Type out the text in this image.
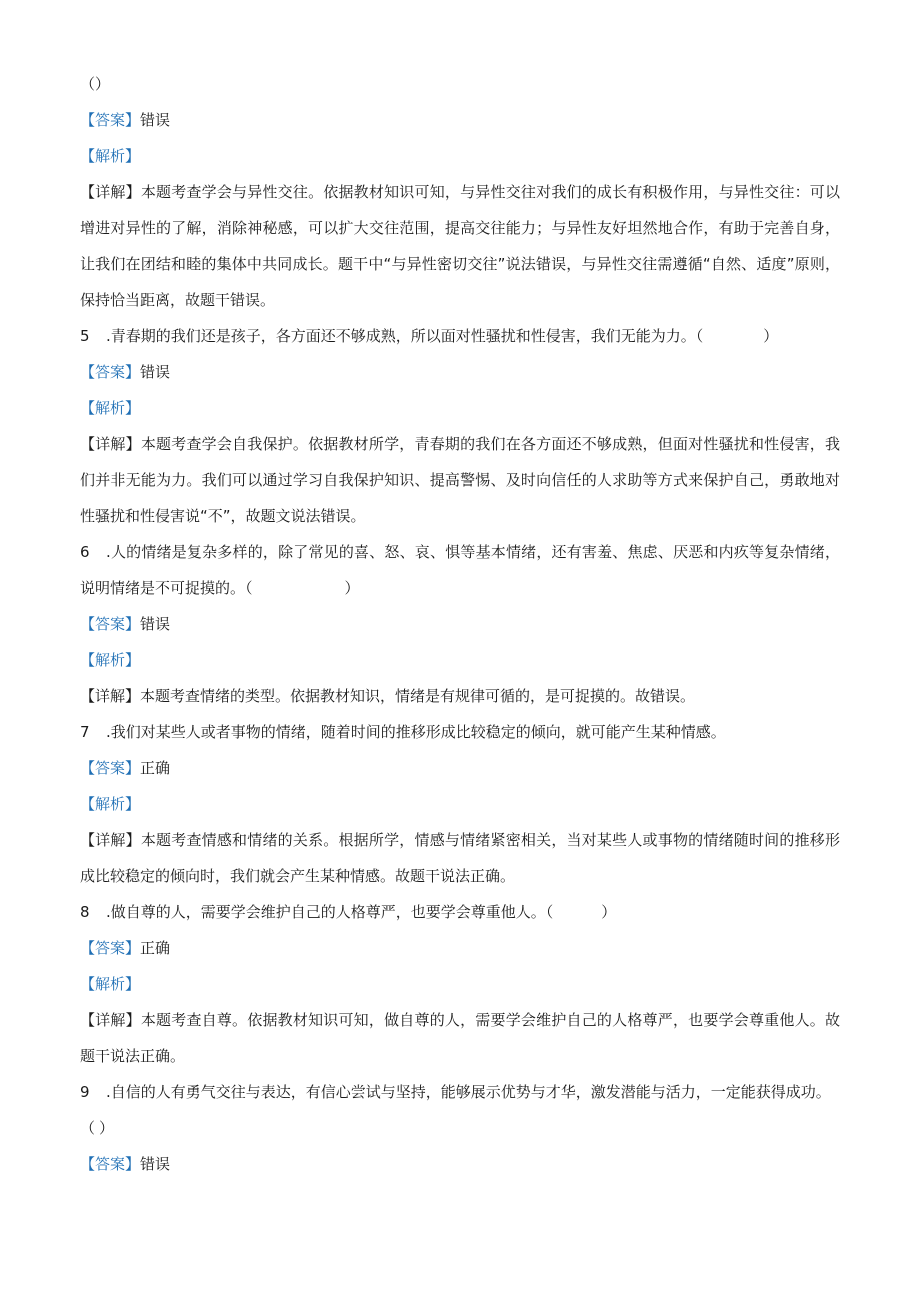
（）
【答案】错误
【解析】
【详解】本题考查学会与异性交往。依据教材知识可知，与异性交往对我们的成长有积极作用，与异性交往：可以增进对异性的了解，消除神秘感，可以扩大交往范围，提高交往能力；与异性友好坦然地合作，有助于完善自身，让我们在团结和睦的集体中共同成长。题干中“与异性密切交往”说法错误，与异性交往需遵循“自然、适度”原则，保持恰当距离，故题干错误。
5 .青春期的我们还是孩子，各方面还不够成熟，所以面对性骚扰和性侵害，我们无能为力。（	）
【答案】错误
【解析】
【详解】本题考查学会自我保护。依据教材所学，青春期的我们在各方面还不够成熟，但面对性骚扰和性侵害，我们并非无能为力。我们可以通过学习自我保护知识、提高警惕、及时向信任的人求助等方式来保护自己，勇敢地对性骚扰和性侵害说“不”，故题文说法错误。
6 .人的情绪是复杂多样的，除了常见的喜、怒、哀、惧等基本情绪，还有害羞、焦虑、厌恶和内疚等复杂情绪，说明情绪是不可捉摸的。（	）
【答案】错误
【解析】
【详解】本题考查情绪的类型。依据教材知识，情绪是有规律可循的，是可捉摸的。故错误。
7 .我们对某些人或者事物的情绪，随着时间的推移形成比较稳定的倾向，就可能产生某种情感。
【答案】正确
【解析】
【详解】本题考查情感和情绪的关系。根据所学，情感与情绪紧密相关，当对某些人或事物的情绪随时间的推移形成比较稳定的倾向时，我们就会产生某种情感。故题干说法正确。
8 .做自尊的人，需要学会维护自己的人格尊严，也要学会尊重他人。（	）
【答案】正确
【解析】
【详解】本题考查自尊。依据教材知识可知，做自尊的人，需要学会维护自己的人格尊严，也要学会尊重他人。故题干说法正确。
9 .自信的人有勇气交往与表达，有信心尝试与坚持，能够展示优势与才华，激发潜能与活力，一定能获得成功。
（ ）
【答案】错误
